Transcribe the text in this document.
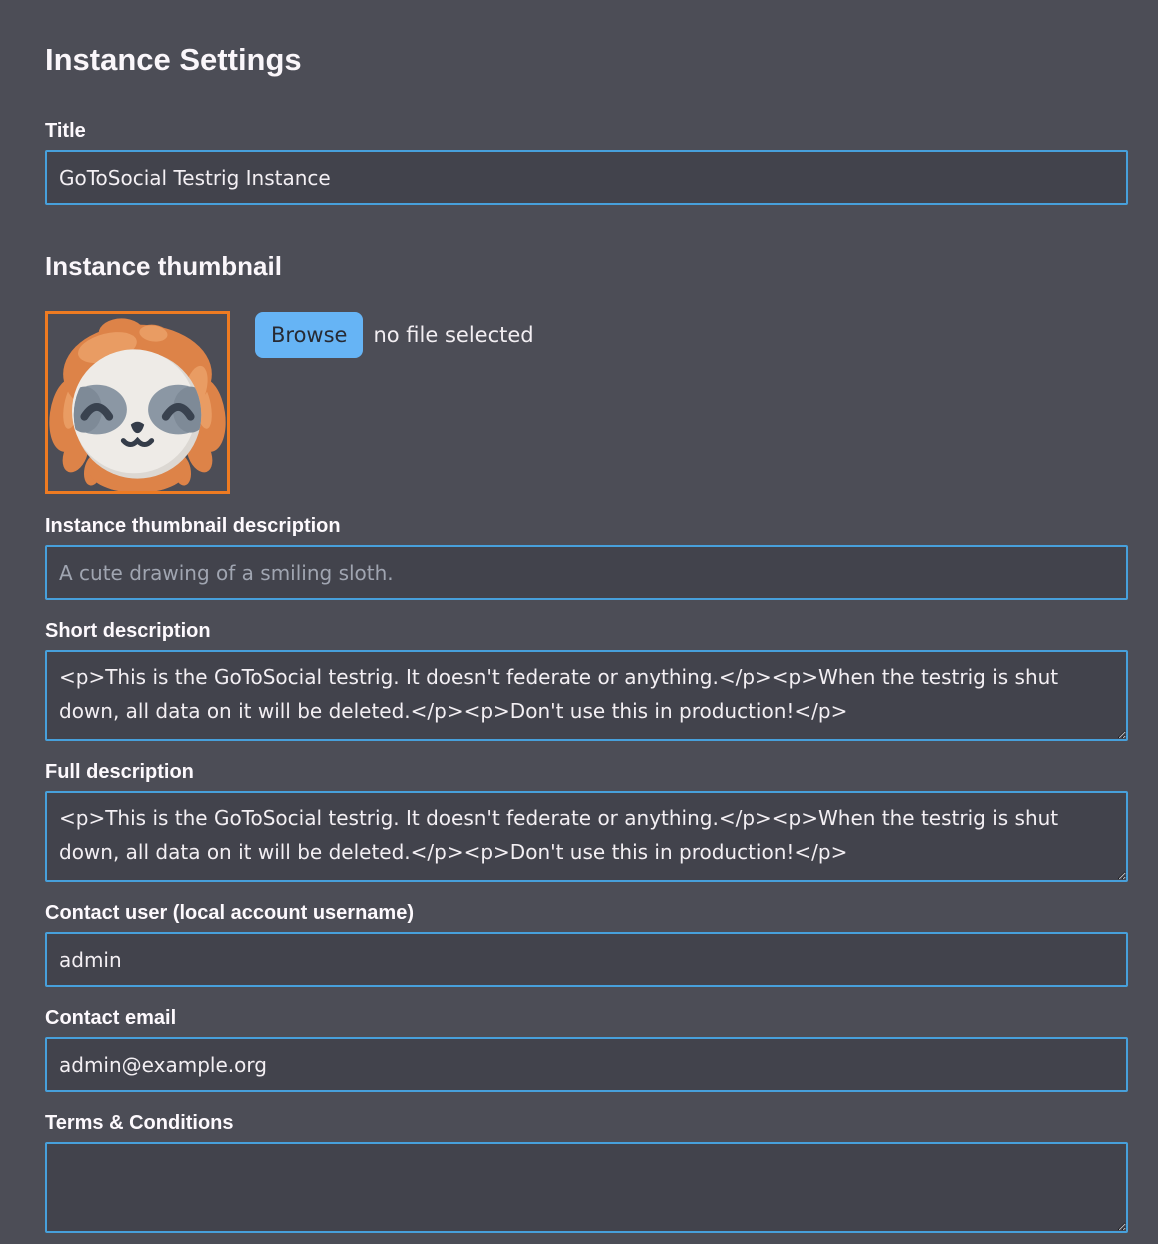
Instance Settings
Title
GoToSocial Testrig Instance
Instance thumbnail
Browse	no file selected
Instance thumbnail description
A cute drawing of a smiling sloth.
Short description
<p>This is the GoToSocial testrig. It doesn't federate or anything.</p><p>When the testrig is shut down, all data on it will be deleted.</p><p>Don't use this in production!</p>
Full description
<p>This is the GoToSocial testrig. It doesn't federate or anything.</p><p>When the testrig is shut down, all data on it will be deleted.</p><p>Don't use this in production!</p>
Contact user (local account username)
admin
Contact email
admin@example.org
Terms & Conditions
